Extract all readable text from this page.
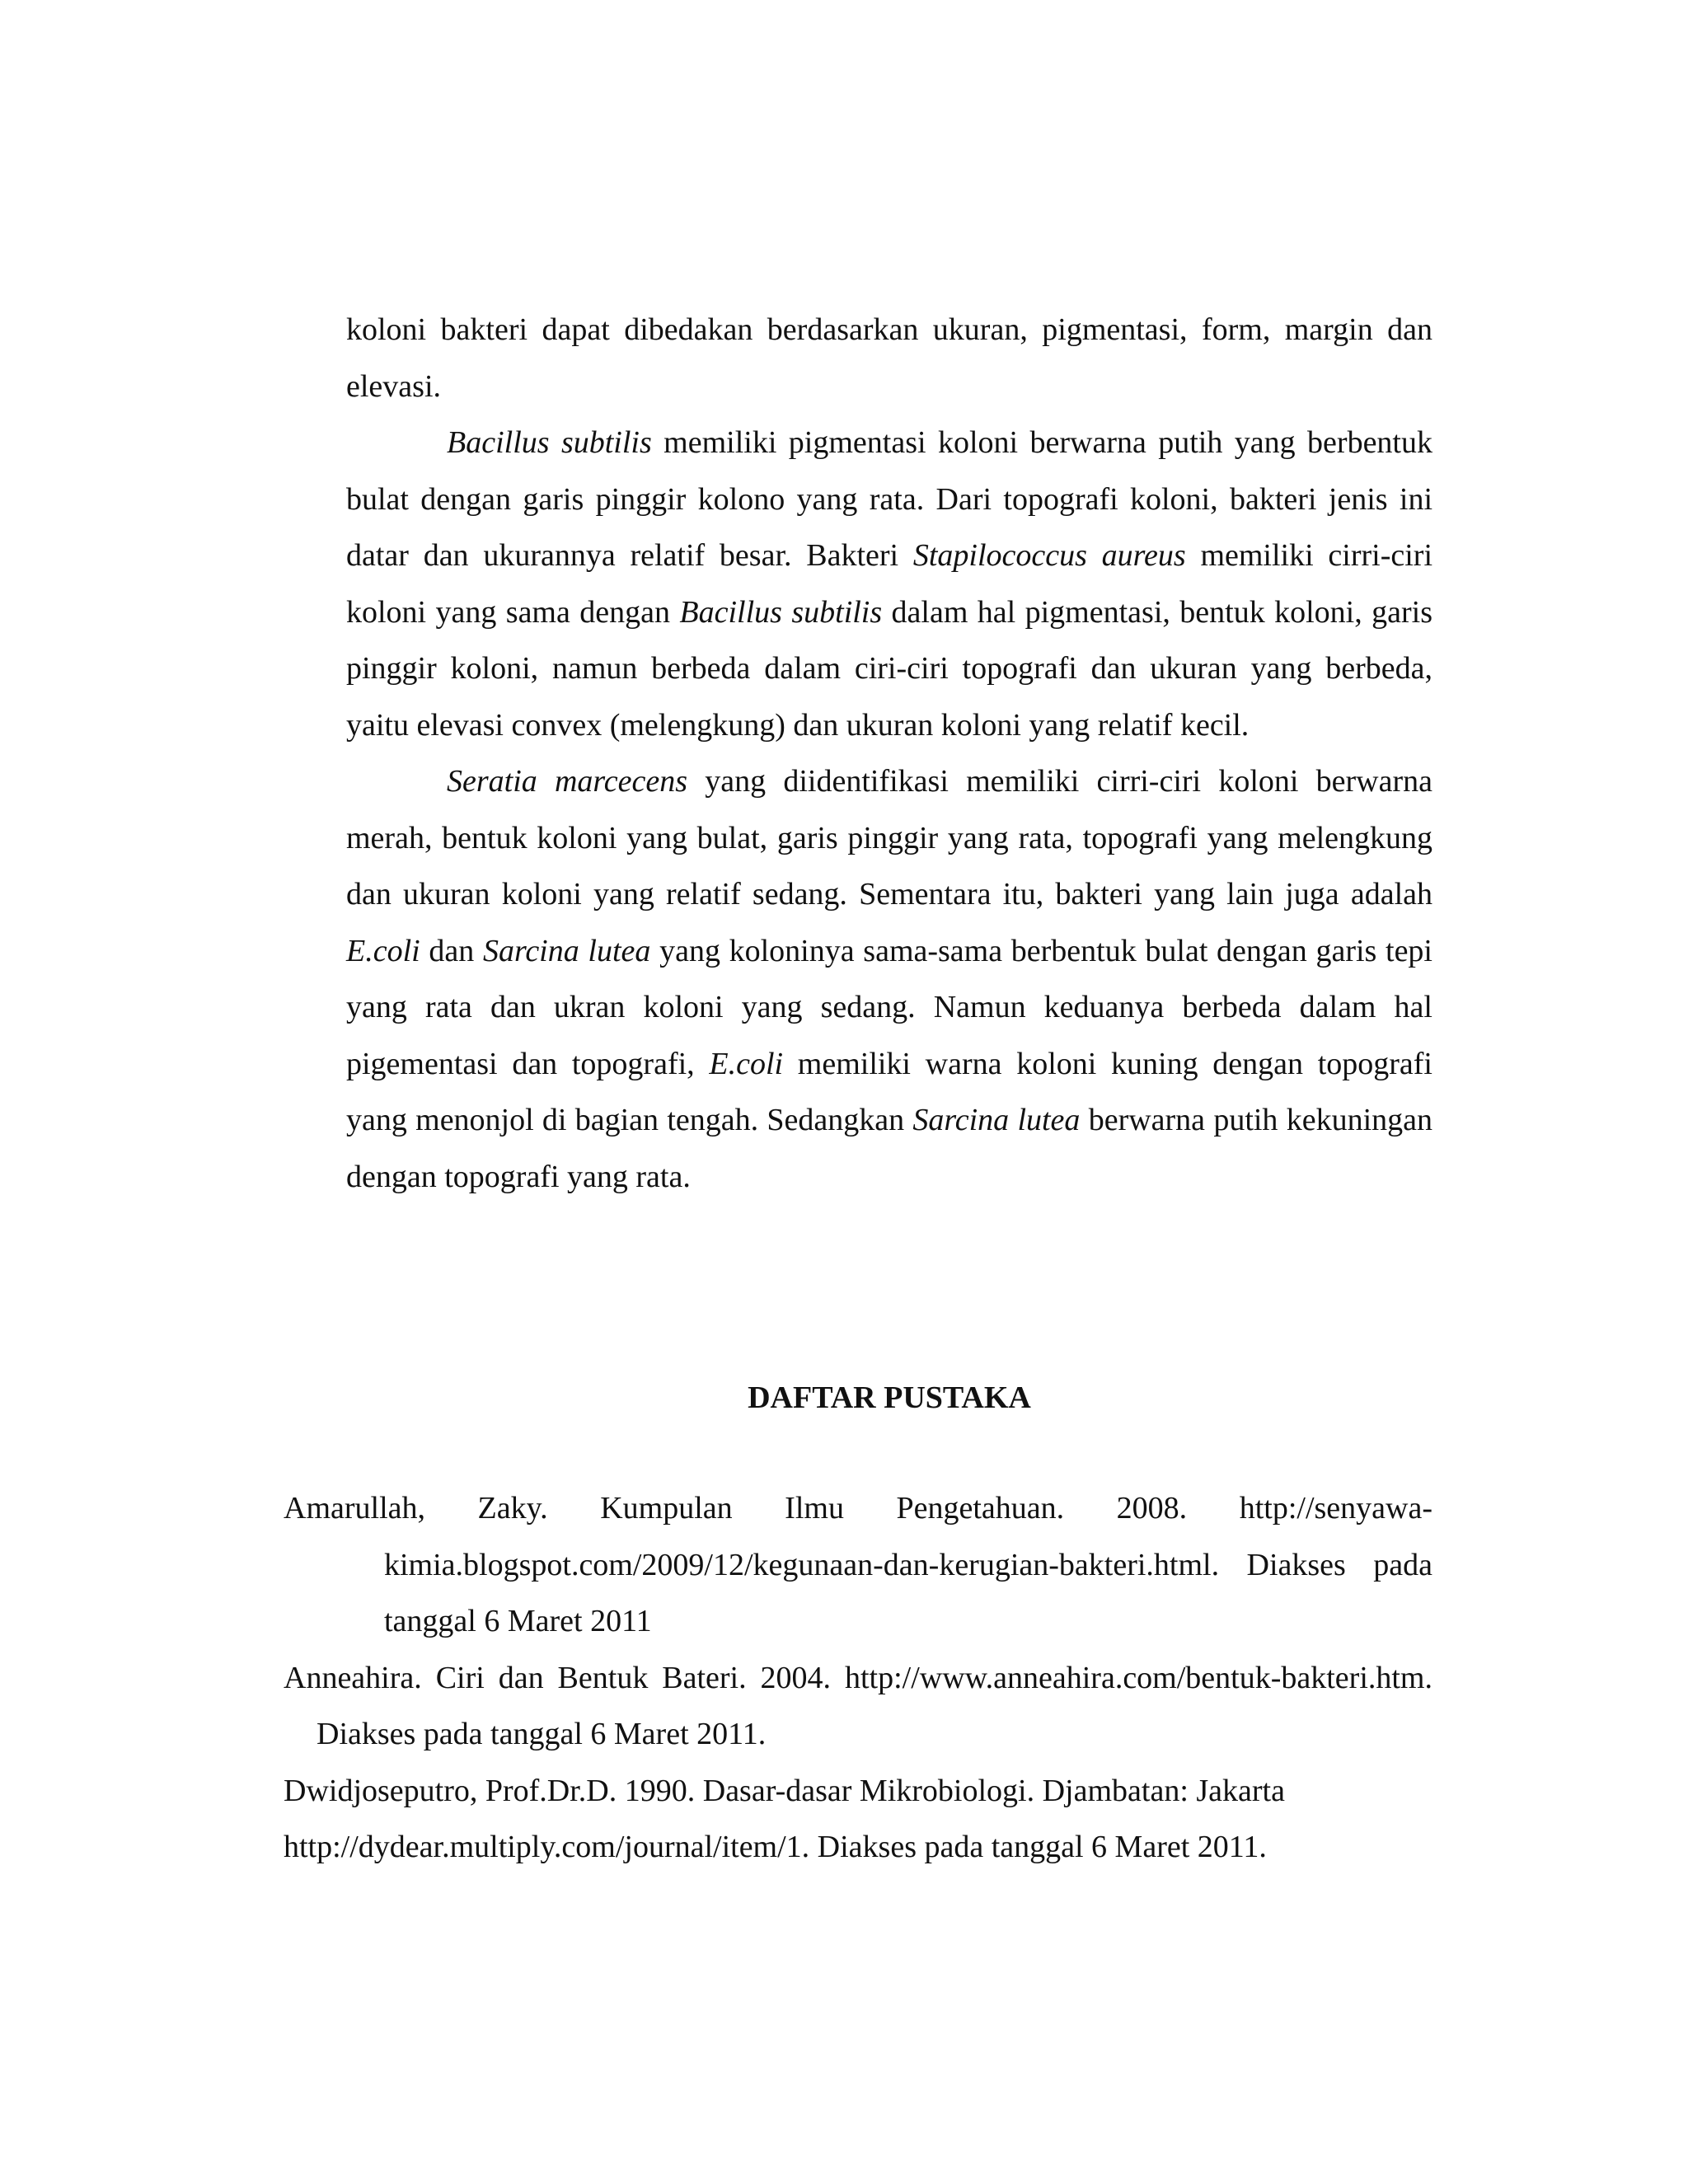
koloni bakteri dapat dibedakan berdasarkan ukuran, pigmentasi, form, margin dan elevasi.

Bacillus subtilis memiliki pigmentasi koloni berwarna putih yang berbentuk bulat dengan garis pinggir kolono yang rata. Dari topografi koloni, bakteri jenis ini datar dan ukurannya relatif besar. Bakteri Stapilococcus aureus memiliki cirri-ciri koloni yang sama dengan Bacillus subtilis dalam hal pigmentasi, bentuk koloni, garis pinggir koloni, namun berbeda dalam ciri-ciri topografi dan ukuran yang berbeda, yaitu elevasi convex (melengkung) dan ukuran koloni yang relatif kecil.

Seratia marcecens yang diidentifikasi memiliki cirri-ciri koloni berwarna merah, bentuk koloni yang bulat, garis pinggir yang rata, topografi yang melengkung dan ukuran koloni yang relatif sedang. Sementara itu, bakteri yang lain juga adalah E.coli dan Sarcina lutea yang koloninya sama-sama berbentuk bulat dengan garis tepi yang rata dan ukran koloni yang sedang. Namun keduanya berbeda dalam hal pigementasi dan topografi, E.coli memiliki warna koloni kuning dengan topografi yang menonjol di bagian tengah. Sedangkan Sarcina lutea berwarna putih kekuningan dengan topografi yang rata.

DAFTAR PUSTAKA

Amarullah, Zaky. Kumpulan Ilmu Pengetahuan. 2008. http://senyawa-kimia.blogspot.com/2009/12/kegunaan-dan-kerugian-bakteri.html. Diakses pada tanggal 6 Maret 2011

Anneahira. Ciri dan Bentuk Bateri. 2004. http://www.anneahira.com/bentuk-bakteri.htm. Diakses pada tanggal 6 Maret 2011.

Dwidjoseputro, Prof.Dr.D. 1990. Dasar-dasar Mikrobiologi. Djambatan: Jakarta

http://dydear.multiply.com/journal/item/1. Diakses pada tanggal 6 Maret 2011.
